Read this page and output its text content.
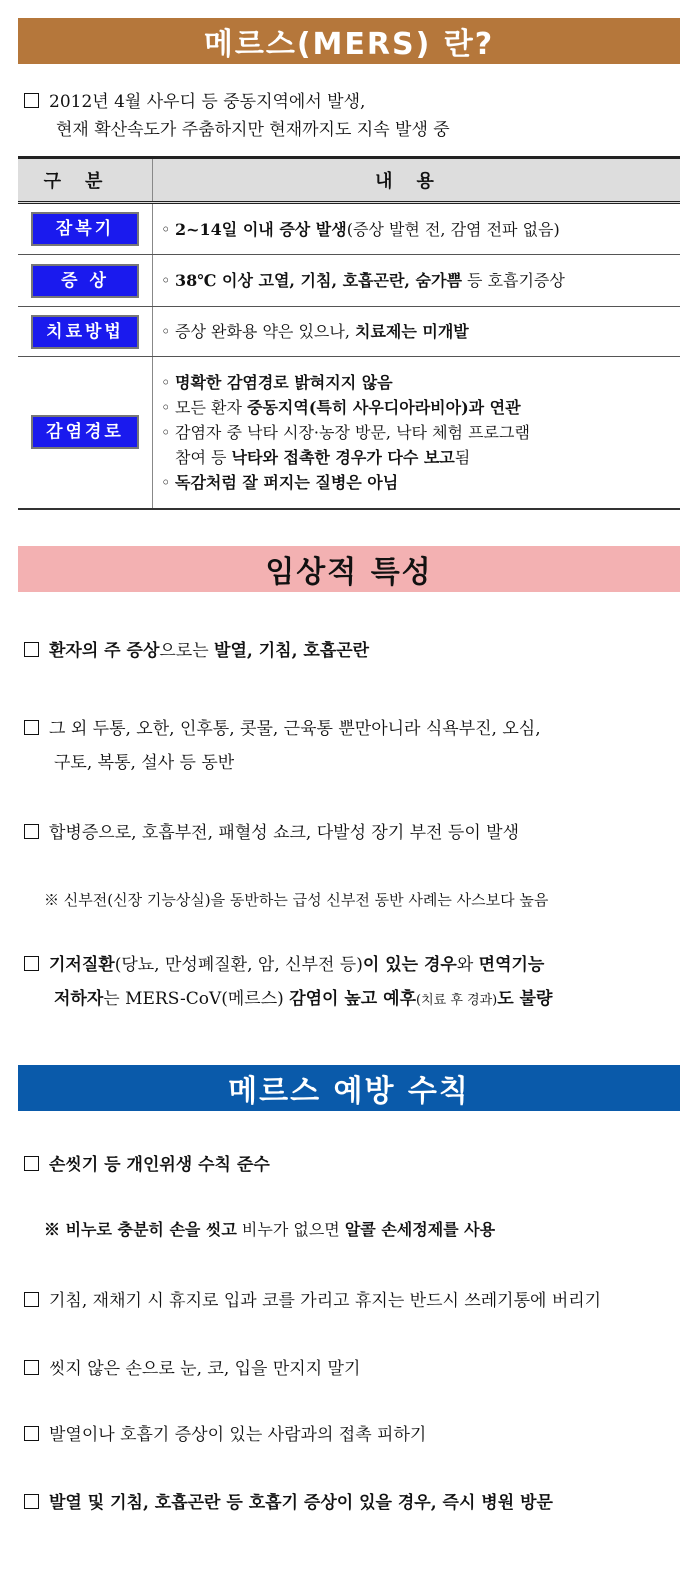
메르스(MERS) 란?
2012년 4월 사우디 등 중동지역에서 발생,
현재 확산속도가 주춤하지만 현재까지도 지속 발생 중
구분	내용
잠복기	◦ 2~14일 이내 증상 발생(증상 발현 전, 감염 전파 없음)
증 상	◦ 38℃ 이상 고열, 기침, 호흡곤란, 숨가쁨 등 호흡기증상
치료방법	◦ 증상 완화용 약은 있으나, 치료제는 미개발
감염경로	◦ 명확한 감염경로 밝혀지지 않음
◦ 모든 환자 중동지역(특히 사우디아라비아)과 연관
◦ 감염자 중 낙타 시장·농장 방문, 낙타 체험 프로그램
참여 등 낙타와 접촉한 경우가 다수 보고됨
◦ 독감처럼 잘 퍼지는 질병은 아님
임상적 특성
환자의 주 증상으로는 발열, 기침, 호흡곤란
그 외 두통, 오한, 인후통, 콧물, 근육통 뿐만아니라 식욕부진, 오심,
구토, 복통, 설사 등 동반
합병증으로, 호흡부전, 패혈성 쇼크, 다발성 장기 부전 등이 발생
※ 신부전(신장 기능상실)을 동반하는 급성 신부전 동반 사례는 사스보다 높음
기저질환(당뇨, 만성폐질환, 암, 신부전 등)이 있는 경우와 면역기능
저하자는 MERS-CoV(메르스) 감염이 높고 예후(치료 후 경과)도 불량
메르스 예방 수칙
손씻기 등 개인위생 수칙 준수
※ 비누로 충분히 손을 씻고 비누가 없으면 알콜 손세정제를 사용
기침, 재채기 시 휴지로 입과 코를 가리고 휴지는 반드시 쓰레기통에 버리기
씻지 않은 손으로 눈, 코, 입을 만지지 말기
발열이나 호흡기 증상이 있는 사람과의 접촉 피하기
발열 및 기침, 호흡곤란 등 호흡기 증상이 있을 경우, 즉시 병원 방문
